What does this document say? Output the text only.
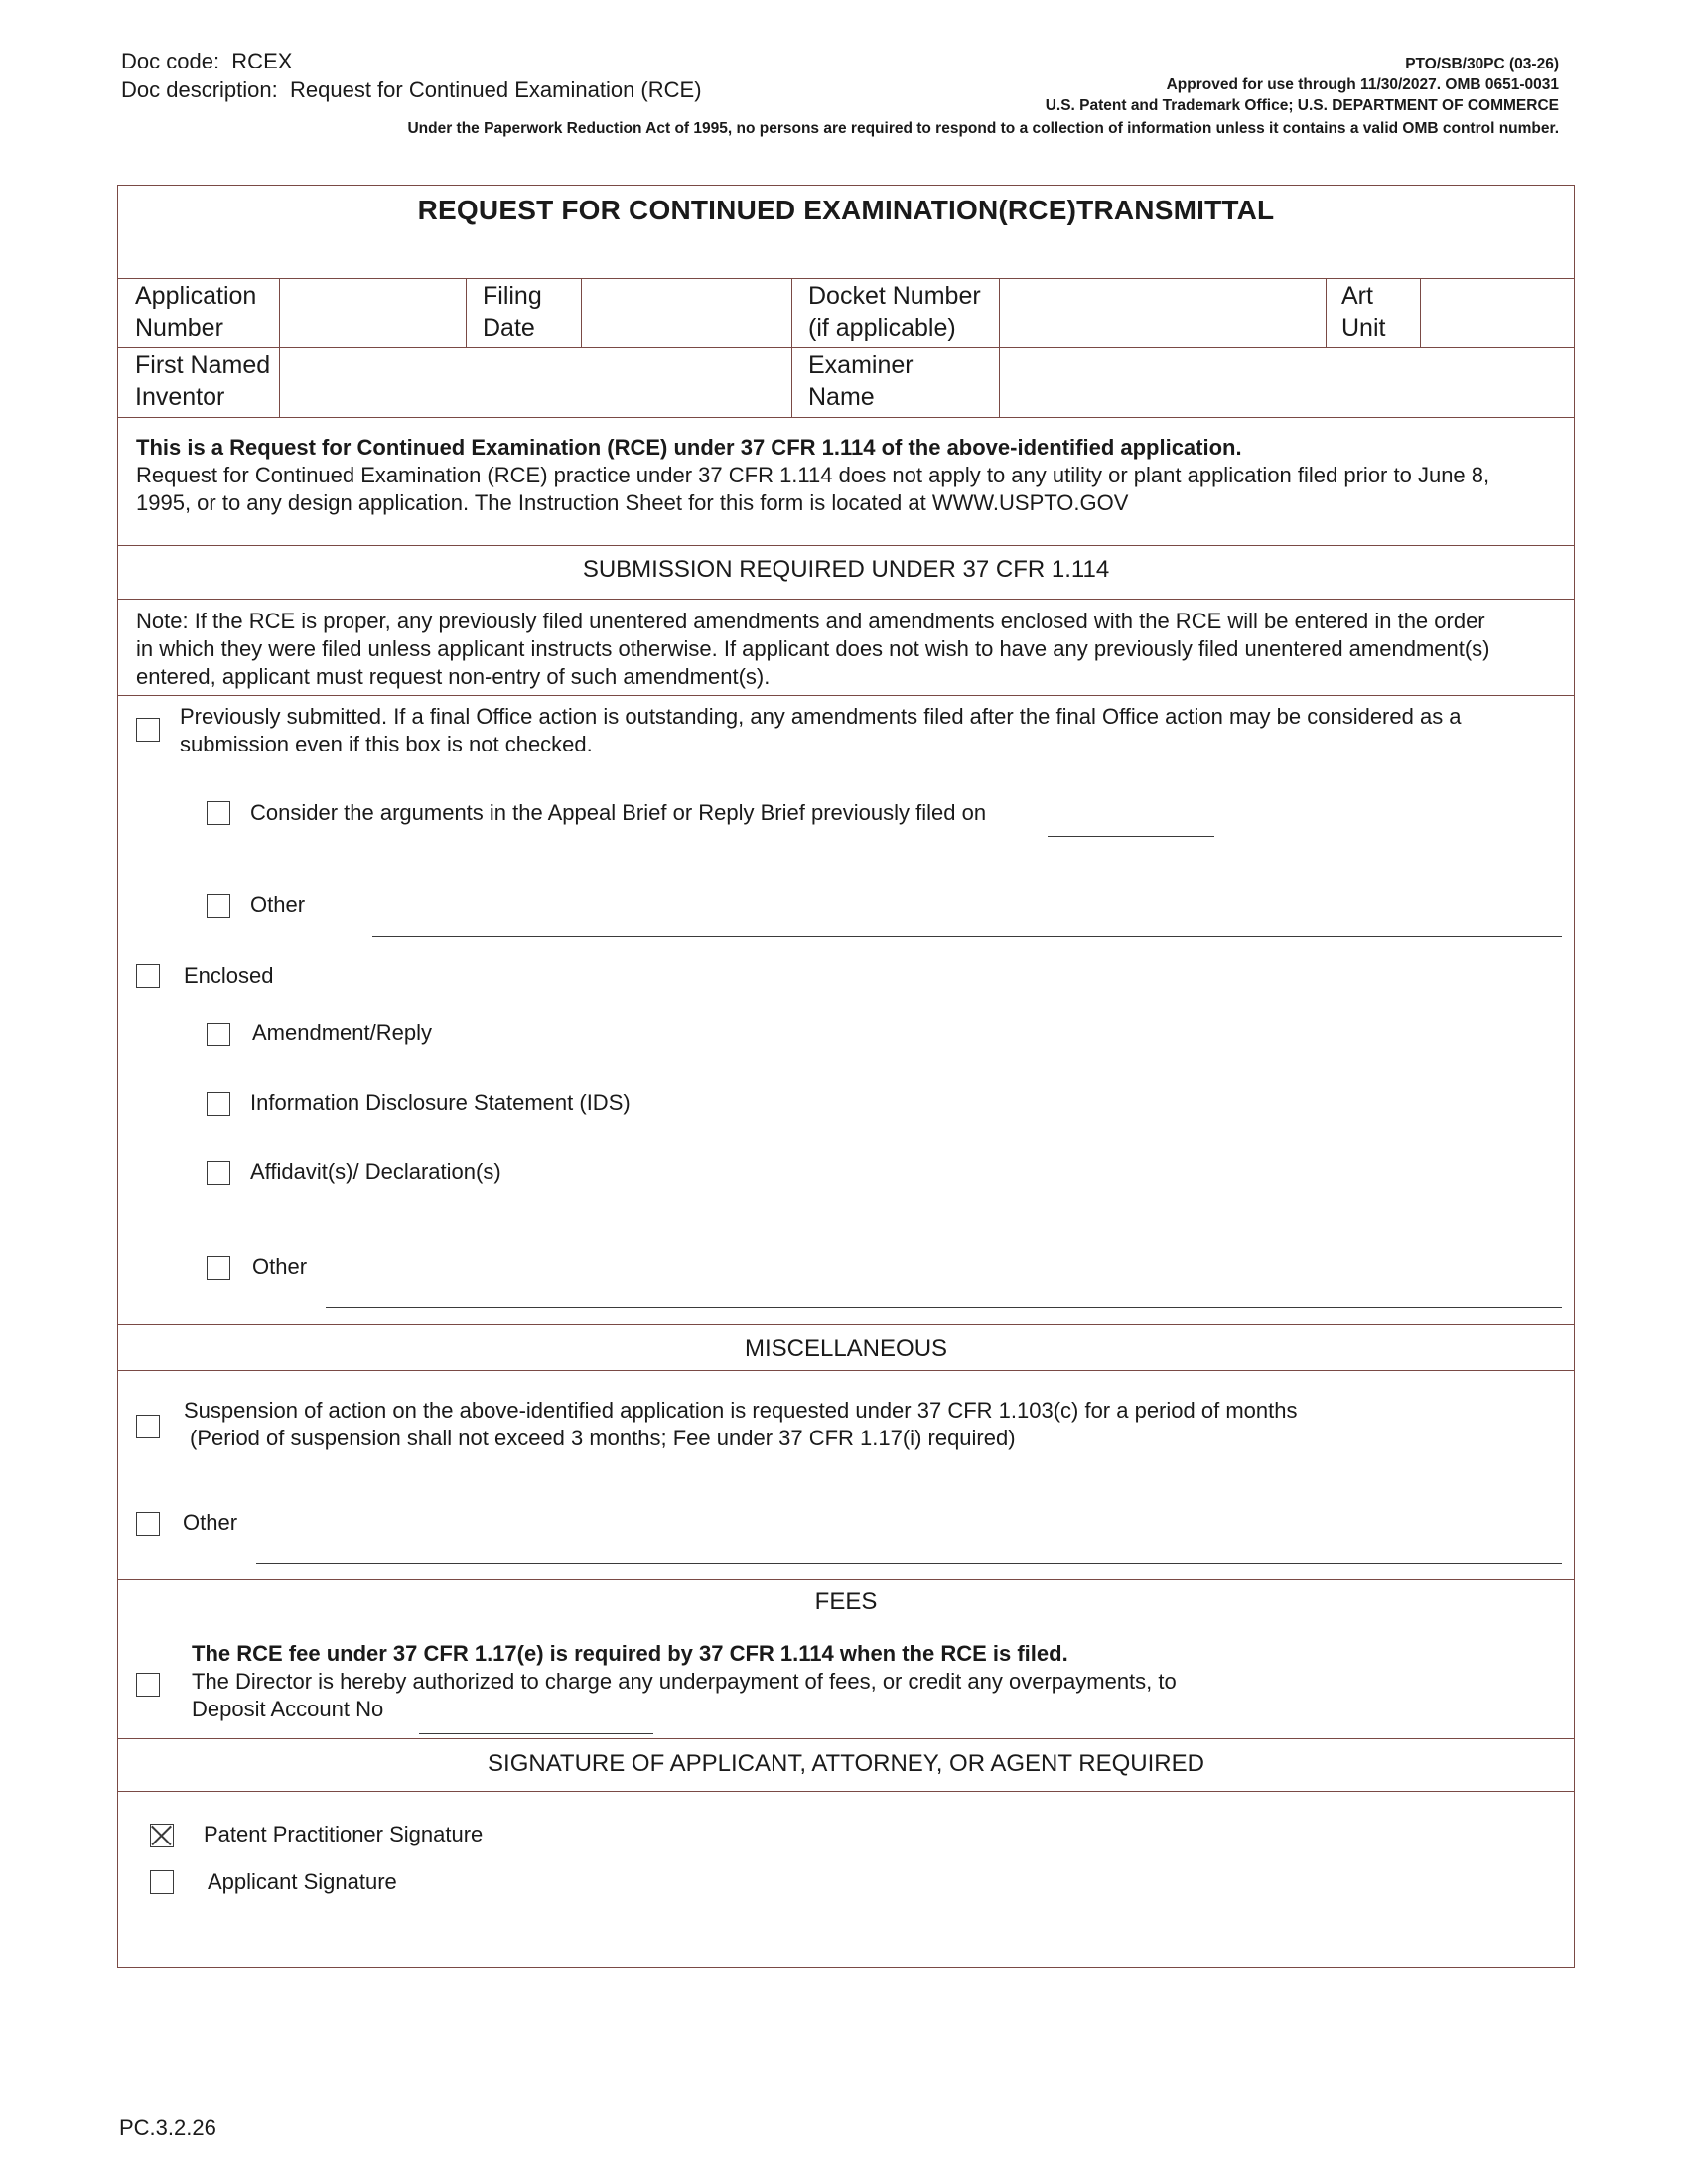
Doc code: RCEX
Doc description: Request for Continued Examination (RCE)
PTO/SB/30PC (03-26)
Approved for use through 11/30/2027. OMB 0651-0031
U.S. Patent and Trademark Office; U.S. DEPARTMENT OF COMMERCE
Under the Paperwork Reduction Act of 1995, no persons are required to respond to a collection of information unless it contains a valid OMB control number.
REQUEST FOR CONTINUED EXAMINATION(RCE)TRANSMITTAL
Application
Number
Filing
Date
Docket Number
(if applicable)
Art
Unit
First Named
Inventor
Examiner
Name
This is a Request for Continued Examination (RCE) under 37 CFR 1.114 of the above-identified application.
Request for Continued Examination (RCE) practice under 37 CFR 1.114 does not apply to any utility or plant application filed prior to June 8,
1995, or to any design application. The Instruction Sheet for this form is located at WWW.USPTO.GOV
SUBMISSION REQUIRED UNDER 37 CFR 1.114
Note: If the RCE is proper, any previously filed unentered amendments and amendments enclosed with the RCE will be entered in the order
in which they were filed unless applicant instructs otherwise. If applicant does not wish to have any previously filed unentered amendment(s)
entered, applicant must request non-entry of such amendment(s).
Previously submitted. If a final Office action is outstanding, any amendments filed after the final Office action may be considered as a
submission even if this box is not checked.
Consider the arguments in the Appeal Brief or Reply Brief previously filed on
Other
Enclosed
Amendment/Reply
Information Disclosure Statement (IDS)
Affidavit(s)/ Declaration(s)
Other
MISCELLANEOUS
Suspension of action on the above-identified application is requested under 37 CFR 1.103(c) for a period of months
(Period of suspension shall not exceed 3 months; Fee under 37 CFR 1.17(i) required)
Other
FEES
The RCE fee under 37 CFR 1.17(e) is required by 37 CFR 1.114 when the RCE is filed.
The Director is hereby authorized to charge any underpayment of fees, or credit any overpayments, to
Deposit Account No
SIGNATURE OF APPLICANT, ATTORNEY, OR AGENT REQUIRED
Patent Practitioner Signature
Applicant Signature
PC.3.2.26
